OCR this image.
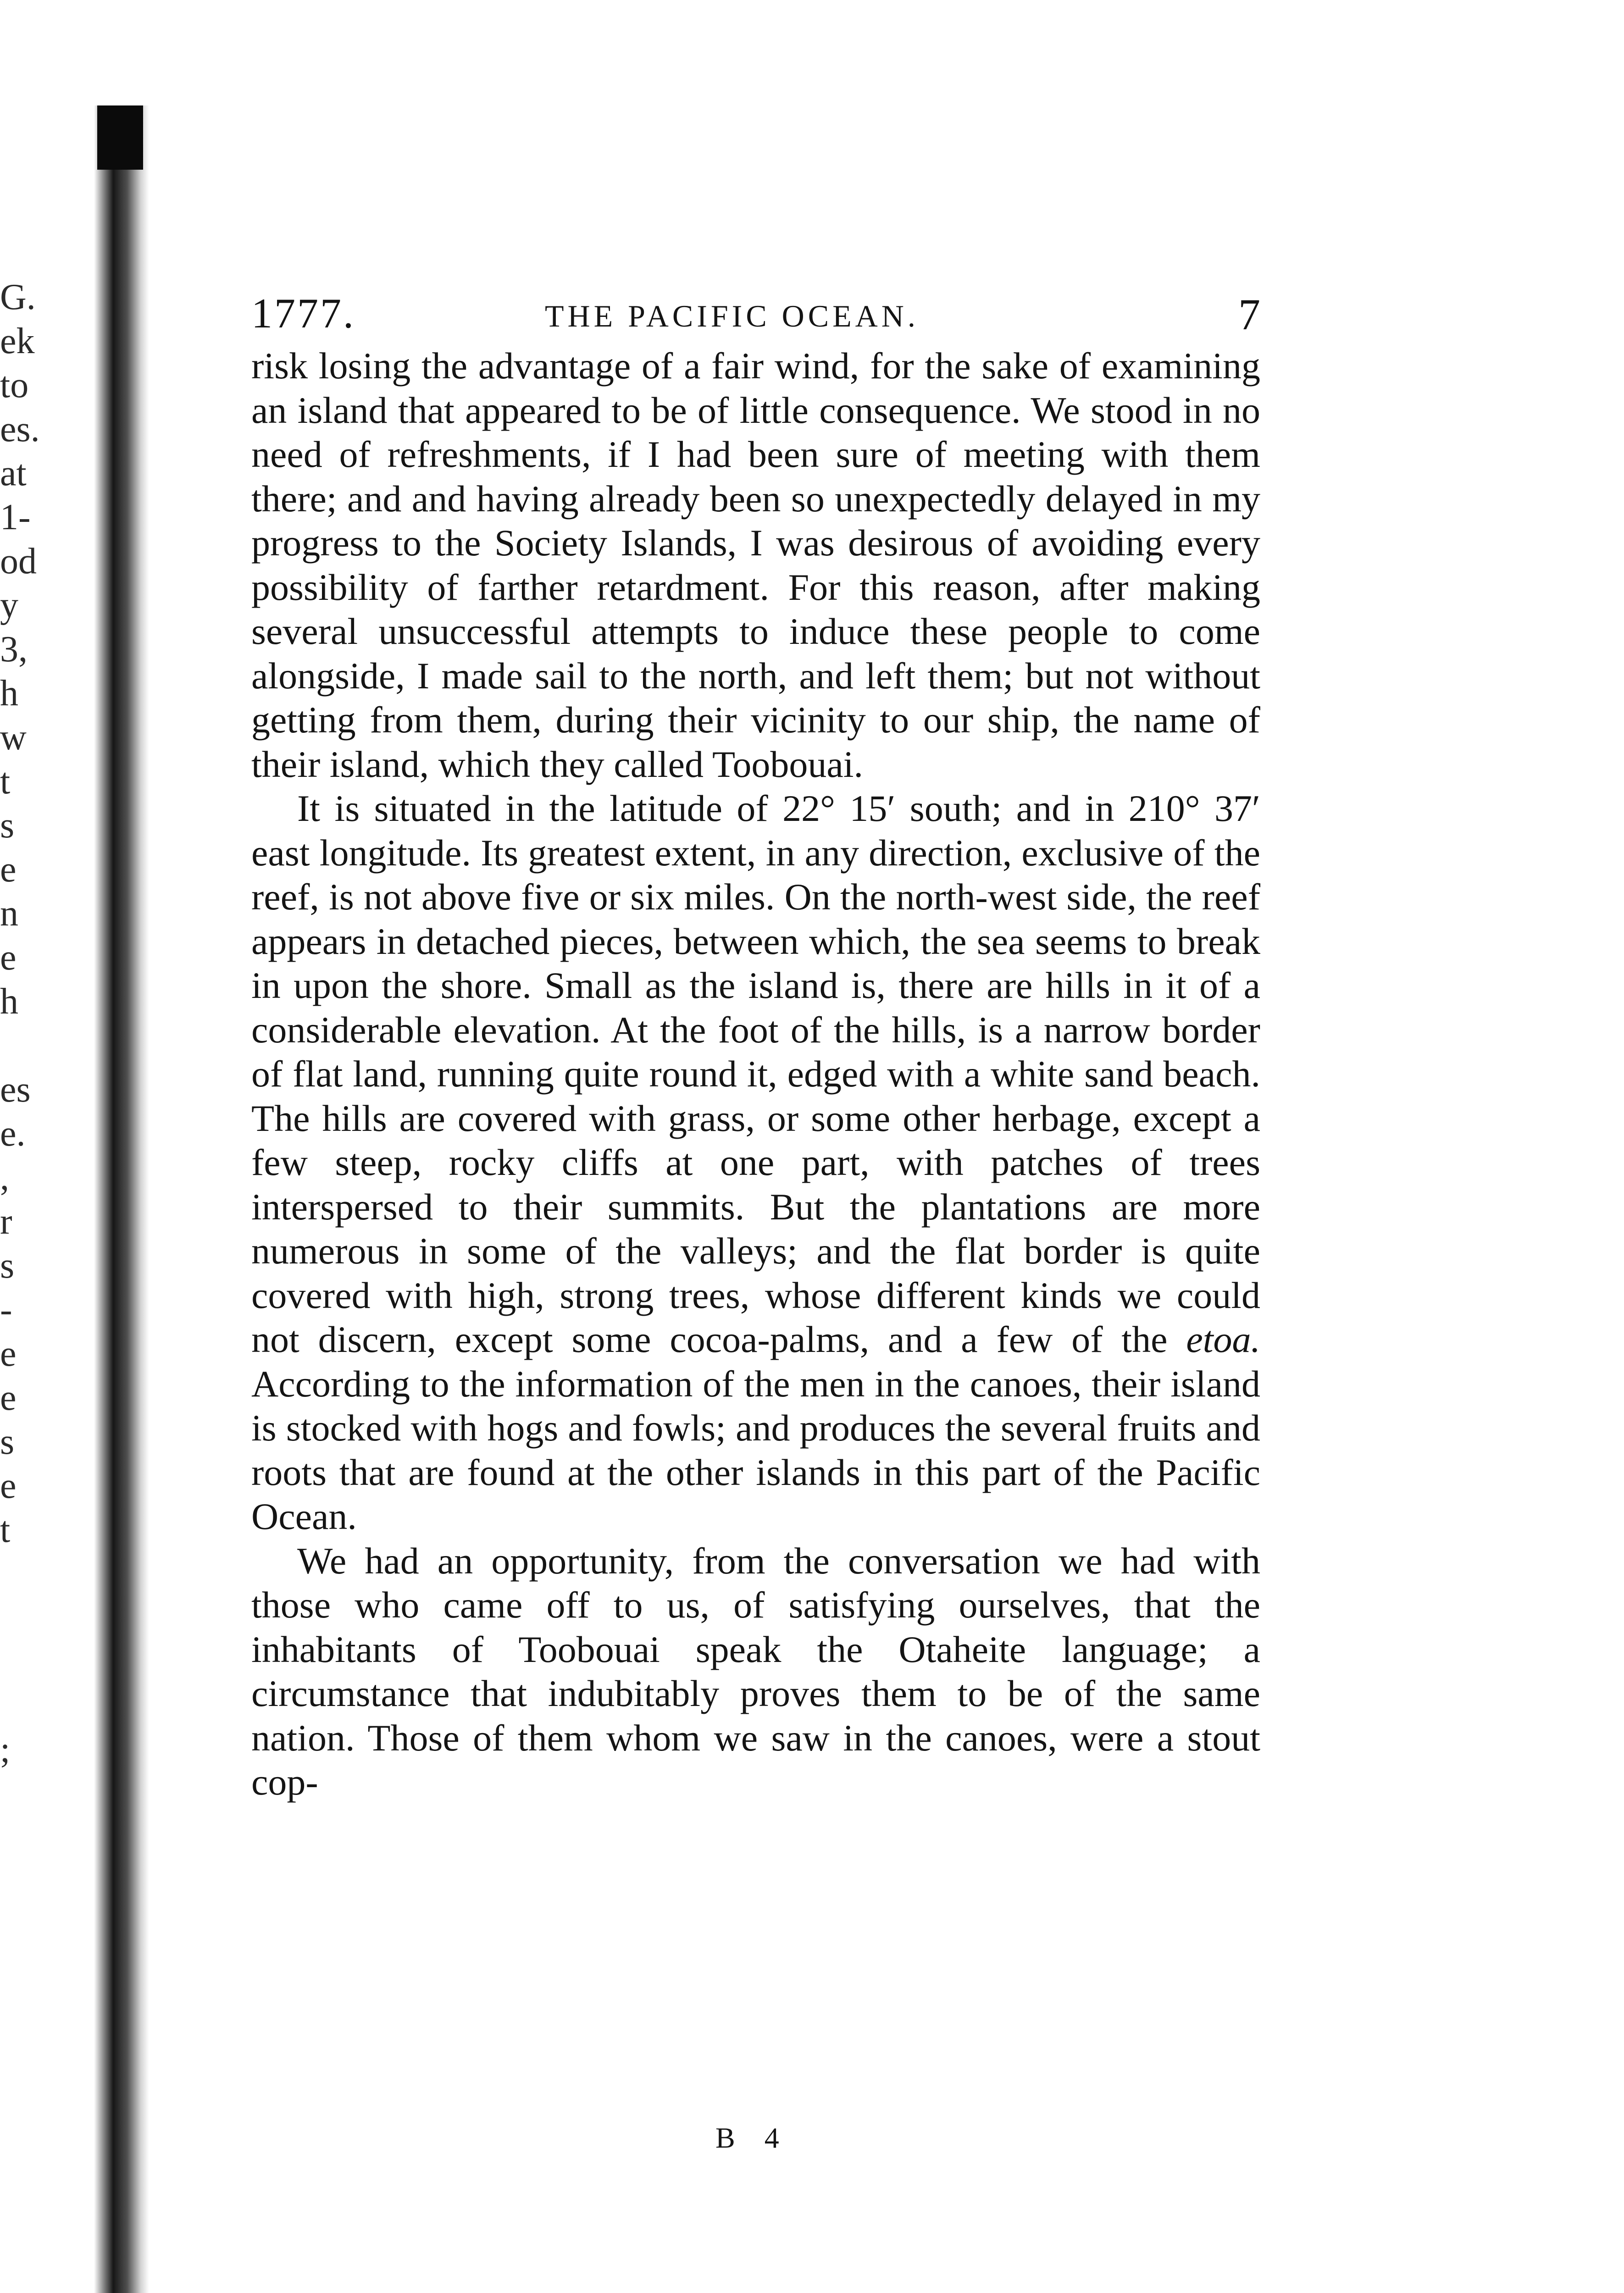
G.
ek
to
es.
at
1-
od
y
3,
h
w
t
s
e
n
e
h
es
e.
,
r
s
-
e
e
s
e
t
;
1777.	THE PACIFIC OCEAN.	7

risk losing the advantage of a fair wind, for the sake of examining an island that appeared to be of little consequence. We stood in no need of refreshments, if I had been sure of meeting with them there; and and having already been so unexpectedly delayed in my progress to the Society Islands, I was desirous of avoiding every possibility of farther retardment. For this reason, after making several unsuccessful attempts to induce these people to come alongside, I made sail to the north, and left them; but not without getting from them, during their vicinity to our ship, the name of their island, which they called Toobouai.

It is situated in the latitude of 22° 15′ south; and in 210° 37′ east longitude. Its greatest extent, in any direction, exclusive of the reef, is not above five or six miles. On the north-west side, the reef appears in detached pieces, between which, the sea seems to break in upon the shore. Small as the island is, there are hills in it of a considerable elevation. At the foot of the hills, is a narrow border of flat land, running quite round it, edged with a white sand beach. The hills are covered with grass, or some other herbage, except a few steep, rocky cliffs at one part, with patches of trees interspersed to their summits. But the plantations are more numerous in some of the valleys; and the flat border is quite covered with high, strong trees, whose different kinds we could not discern, except some cocoa-palms, and a few of the etoa. According to the information of the men in the canoes, their island is stocked with hogs and fowls; and produces the several fruits and roots that are found at the other islands in this part of the Pacific Ocean.

We had an opportunity, from the conversation we had with those who came off to us, of satisfying ourselves, that the inhabitants of Toobouai speak the Otaheite language; a circumstance that indubitably proves them to be of the same nation. Those of them whom we saw in the canoes, were a stout cop-

B 4
